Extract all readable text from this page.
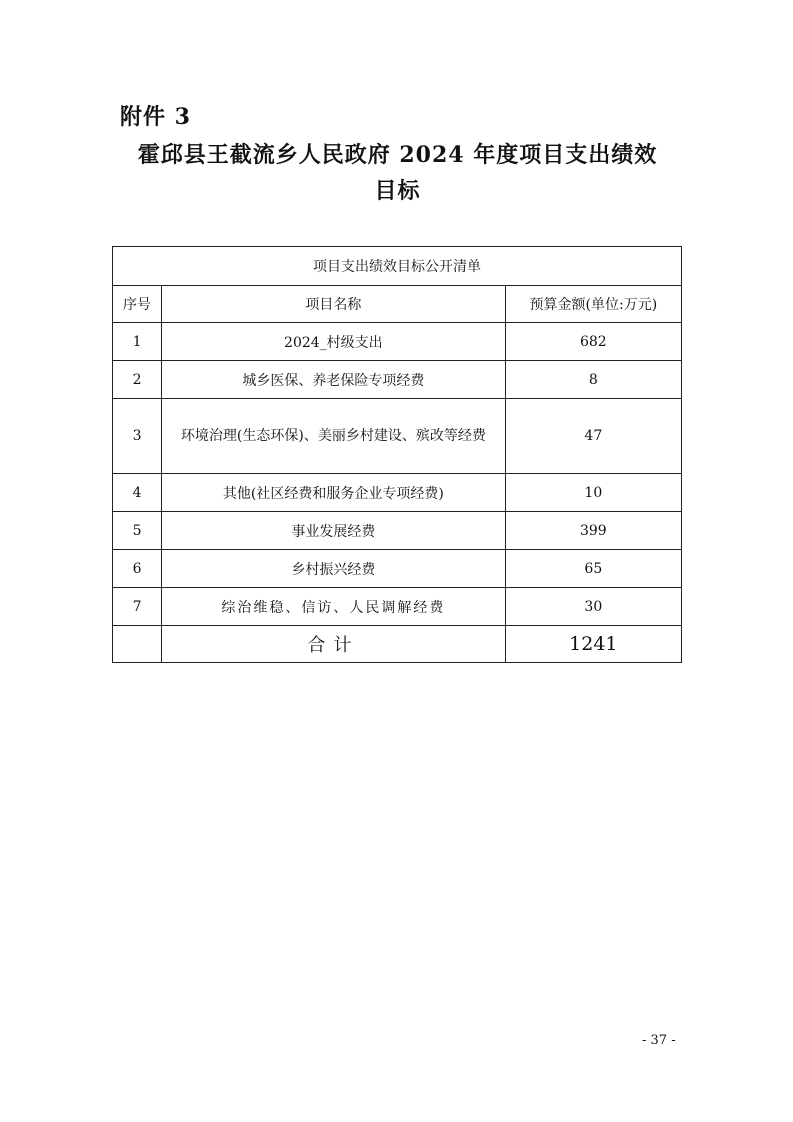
附件 3
霍邱县王截流乡人民政府 2024 年度项目支出绩效
目标
项目支出绩效目标公开清单		
序号	项目名称	预算金额(单位:万元)
1	2024_村级支出	682
2	城乡医保、养老保险专项经费	8
3	环境治理(生态环保)、美丽乡村建设、殡改等经费	47
4	其他(社区经费和服务企业专项经费)	10
5	事业发展经费	399
6	乡村振兴经费	65
7	综治维稳、信访、人民调解经费	30
	合计	1241
- 37 -
